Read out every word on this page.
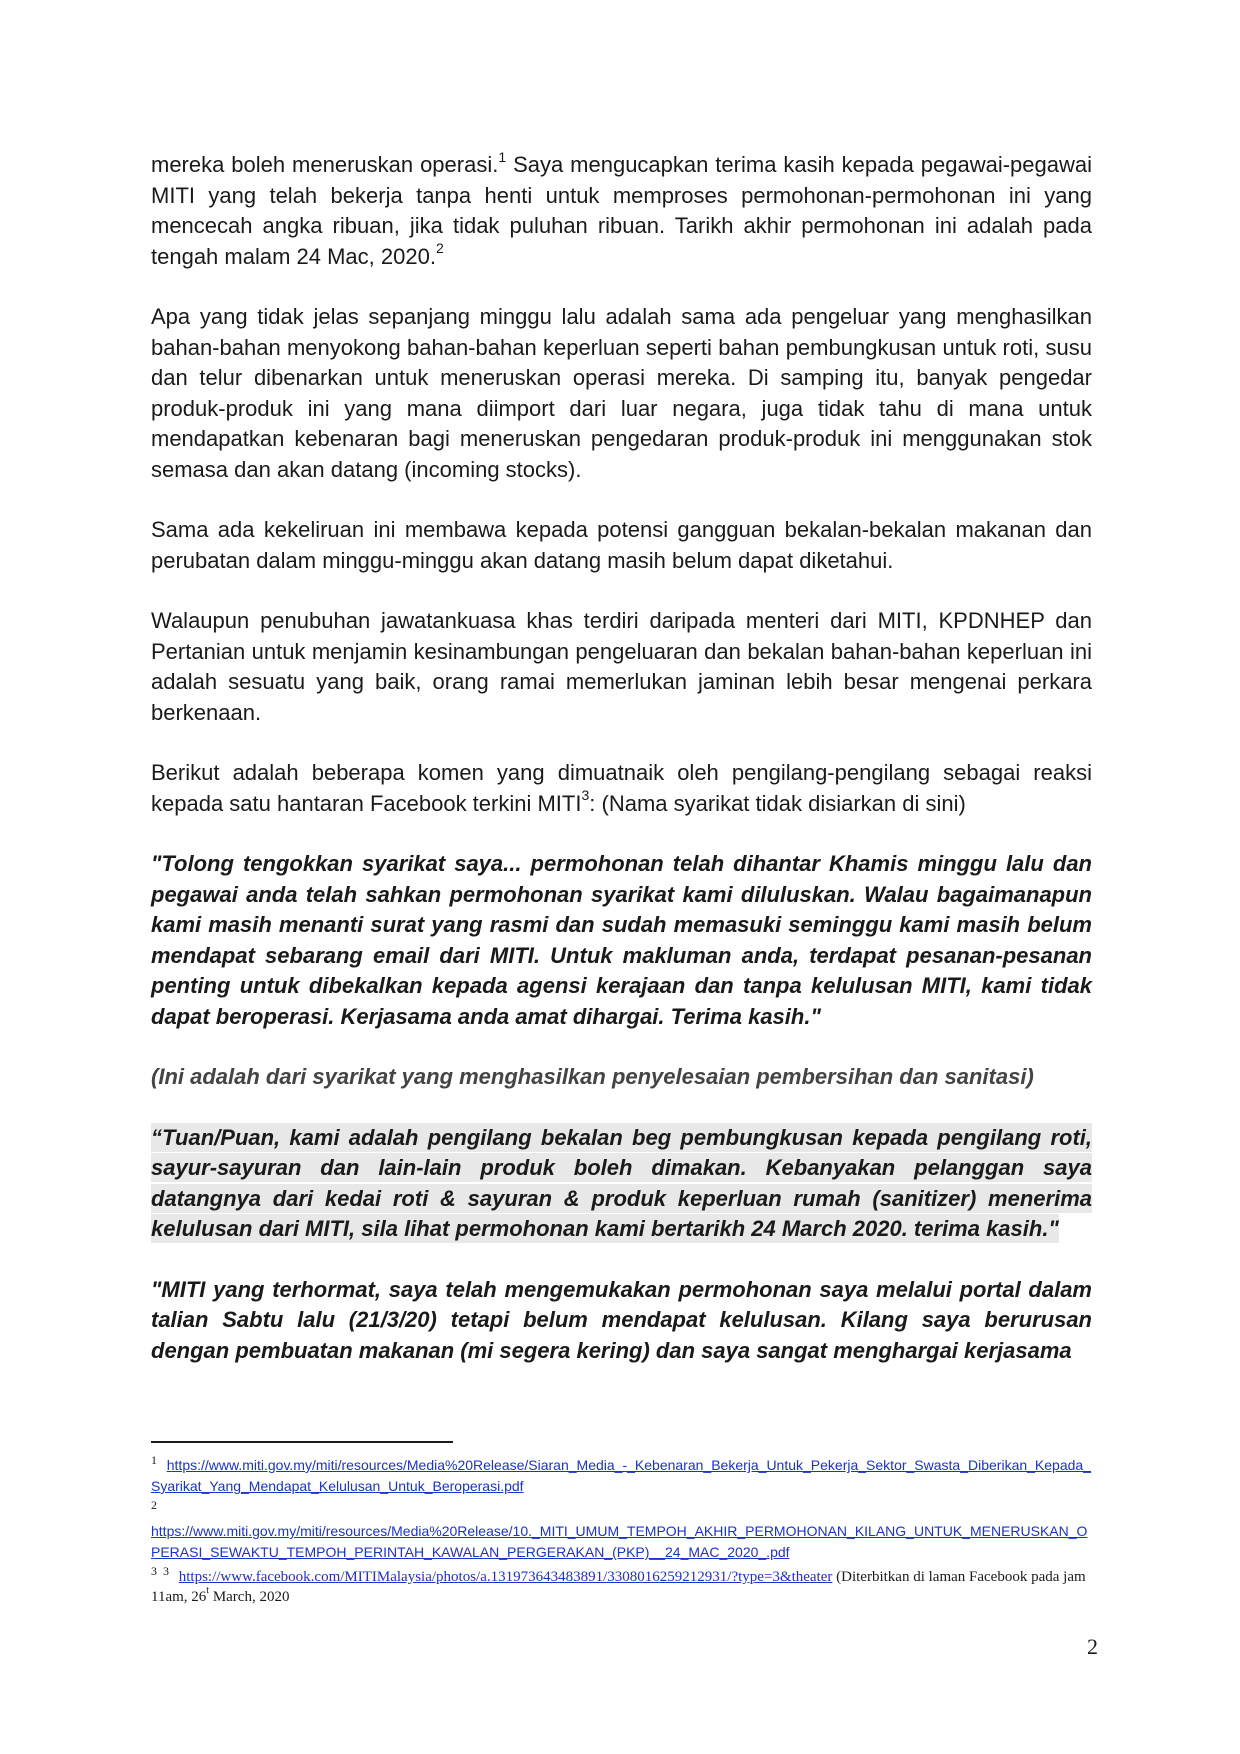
mereka boleh meneruskan operasi.$^1$ Saya mengucapkan terima kasih kepada pegawai-pegawai MITI yang telah bekerja tanpa henti untuk memproses permohonan-permohonan ini yang mencecah angka ribuan, jika tidak puluhan ribuan. Tarikh akhir permohonan ini adalah pada tengah malam 24 Mac, 2020.$^2$

Apa yang tidak jelas sepanjang minggu lalu adalah sama ada pengeluar yang menghasilkan bahan-bahan menyokong bahan-bahan keperluan seperti bahan pembungkusan untuk roti, susu dan telur dibenarkan untuk meneruskan operasi mereka. Di samping itu, banyak pengedar produk-produk ini yang mana diimport dari luar negara, juga tidak tahu di mana untuk mendapatkan kebenaran bagi meneruskan pengedaran produk-produk ini menggunakan stok semasa dan akan datang (incoming stocks).

Sama ada kekeliruan ini membawa kepada potensi gangguan bekalan-bekalan makanan dan perubatan dalam minggu-minggu akan datang masih belum dapat diketahui.

Walaupun penubuhan jawatankuasa khas terdiri daripada menteri dari MITI, KPDNHEP dan Pertanian untuk menjamin kesinambungan pengeluaran dan bekalan bahan-bahan keperluan ini adalah sesuatu yang baik, orang ramai memerlukan jaminan lebih besar mengenai perkara berkenaan.

Berikut adalah beberapa komen yang dimuatnaik oleh pengilang-pengilang sebagai reaksi kepada satu hantaran Facebook terkini MITI$^3$: (Nama syarikat tidak disiarkan di sini)

"Tolong tengokkan syarikat saya... permohonan telah dihantar Khamis minggu lalu dan pegawai anda telah sahkan permohonan syarikat kami diluluskan. Walau bagaimanapun kami masih menanti surat yang rasmi dan sudah memasuki seminggu kami masih belum mendapat sebarang email dari MITI. Untuk makluman anda, terdapat pesanan-pesanan penting untuk dibekalkan kepada agensi kerajaan dan tanpa kelulusan MITI, kami tidak dapat beroperasi. Kerjasama anda amat dihargai. Terima kasih."

(Ini adalah dari syarikat yang menghasilkan penyelesaian pembersihan dan sanitasi)

“Tuan/Puan, kami adalah pengilang bekalan beg pembungkusan kepada pengilang roti, sayur-sayuran dan lain-lain produk boleh dimakan. Kebanyakan pelanggan saya datangnya dari kedai roti & sayuran & produk keperluan rumah (sanitizer) menerima kelulusan dari MITI, sila lihat permohonan kami bertarikh 24 March 2020. terima kasih."

"MITI yang terhormat, saya telah mengemukakan permohonan saya melalui portal dalam talian Sabtu lalu (21/3/20) tetapi belum mendapat kelulusan. Kilang saya berurusan dengan pembuatan makanan (mi segera kering) dan saya sangat menghargai kerjasama

$^1$ https://www.miti.gov.my/miti/resources/Media%20Release/Siaran_Media_-_Kebenaran_Bekerja_Untuk_Pekerja_Sektor_Swasta_Diberikan_Kepada_Syarikat_Yang_Mendapat_Kelulusan_Untuk_Beroperasi.pdf
$^2$
https://www.miti.gov.my/miti/resources/Media%20Release/10._MITI_UMUM_TEMPOH_AKHIR_PERMOHONAN_KILANG_UNTUK_MENERUSKAN_OPERASI_SEWAKTU_TEMPOH_PERINTAH_KAWALAN_PERGERAKAN_(PKP)__24_MAC_2020_.pdf
$^3$ $^3$ https://www.facebook.com/MITIMalaysia/photos/a.131973643483891/3308016259212931/?type=3&theater (Diterbitkan di laman Facebook pada jam 11am, 26$^t$ March, 2020
2
